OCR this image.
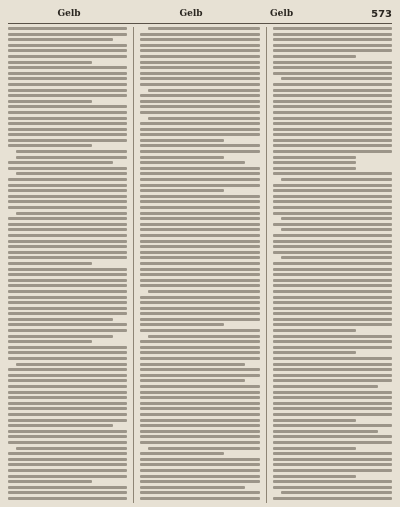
Gelb	Gelb	Gelb	573
